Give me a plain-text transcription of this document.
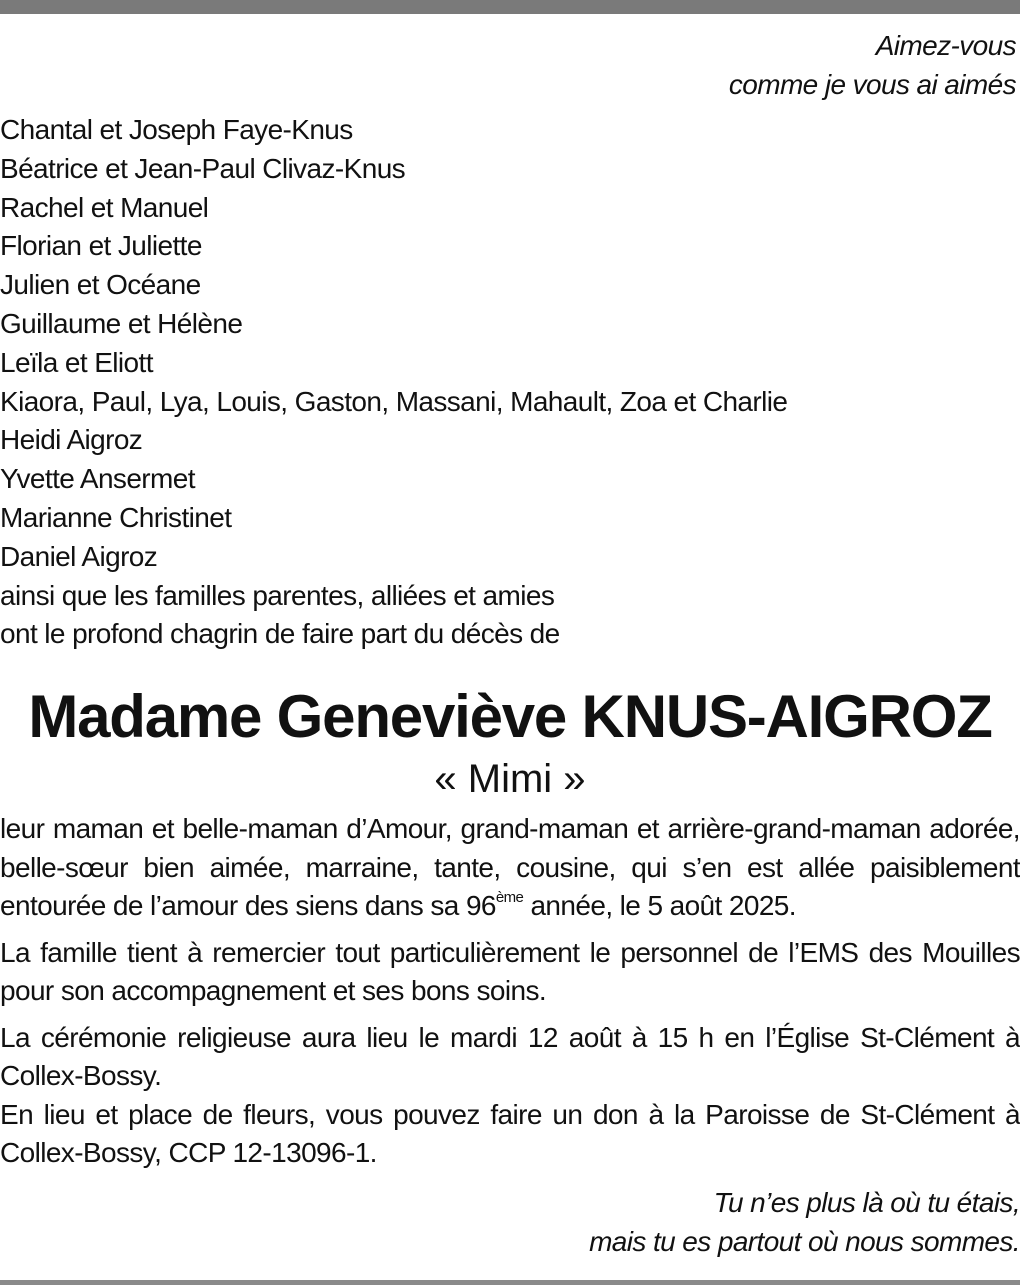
Aimez-vous
comme je vous ai aimés
Chantal et Joseph Faye-Knus
Béatrice et Jean-Paul Clivaz-Knus
Rachel et Manuel
Florian et Juliette
Julien et Océane
Guillaume et Hélène
Leïla et Eliott
Kiaora, Paul, Lya, Louis, Gaston, Massani, Mahault, Zoa et Charlie
Heidi Aigroz
Yvette Ansermet
Marianne Christinet
Daniel Aigroz
ainsi que les familles parentes, alliées et amies
ont le profond chagrin de faire part du décès de
Madame Geneviève KNUS-AIGROZ
« Mimi »
leur maman et belle-maman d’Amour, grand-maman et arrière-grand-maman adorée, belle-sœur bien aimée, marraine, tante, cousine, qui s’en est allée paisiblement entourée de l’amour des siens dans sa 96ème année, le 5 août 2025.
La famille tient à remercier tout particulièrement le personnel de l’EMS des Mouilles pour son accompagnement et ses bons soins.
La cérémonie religieuse aura lieu le mardi 12 août à 15 h en l’Église St-Clément à Collex-Bossy.
En lieu et place de fleurs, vous pouvez faire un don à la Paroisse de St-Clément à Collex-Bossy, CCP 12-13096-1.
Tu n’es plus là où tu étais,
mais tu es partout où nous sommes.
